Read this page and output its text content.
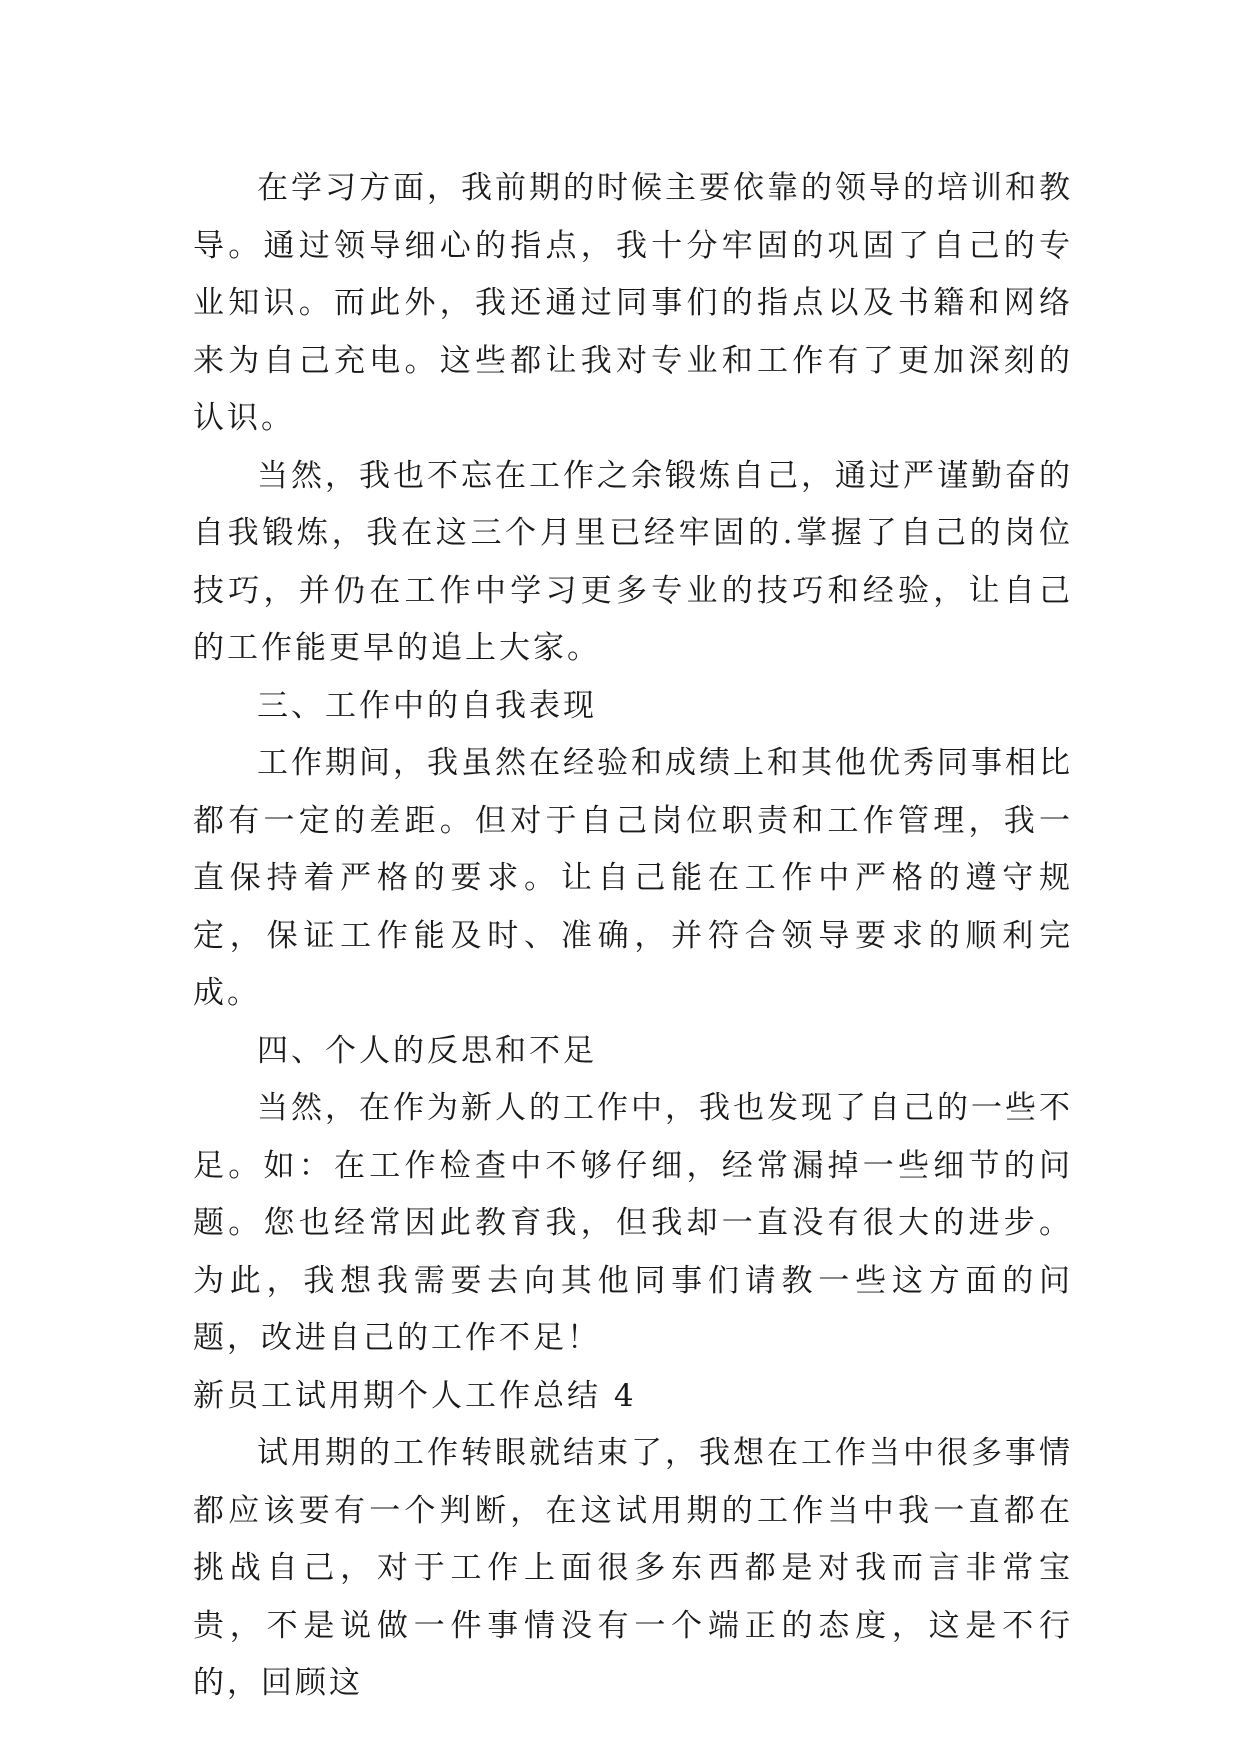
在学习方面，我前期的时候主要依靠的领导的培训和教导。通过领导细心的指点，我十分牢固的巩固了自己的专业知识。而此外，我还通过同事们的指点以及书籍和网络来为自己充电。这些都让我对专业和工作有了更加深刻的认识。

当然，我也不忘在工作之余锻炼自己，通过严谨勤奋的自我锻炼，我在这三个月里已经牢固的.掌握了自己的岗位技巧，并仍在工作中学习更多专业的技巧和经验，让自己的工作能更早的追上大家。

三、工作中的自我表现

工作期间，我虽然在经验和成绩上和其他优秀同事相比都有一定的差距。但对于自己岗位职责和工作管理，我一直保持着严格的要求。让自己能在工作中严格的遵守规定，保证工作能及时、准确，并符合领导要求的顺利完成。

四、个人的反思和不足

当然，在作为新人的工作中，我也发现了自己的一些不足。如：在工作检查中不够仔细，经常漏掉一些细节的问题。您也经常因此教育我，但我却一直没有很大的进步。为此，我想我需要去向其他同事们请教一些这方面的问题，改进自己的工作不足！

新员工试用期个人工作总结 4

试用期的工作转眼就结束了，我想在工作当中很多事情都应该要有一个判断，在这试用期的工作当中我一直都在挑战自己，对于工作上面很多东西都是对我而言非常宝贵，不是说做一件事情没有一个端正的态度，这是不行的，回顾这
